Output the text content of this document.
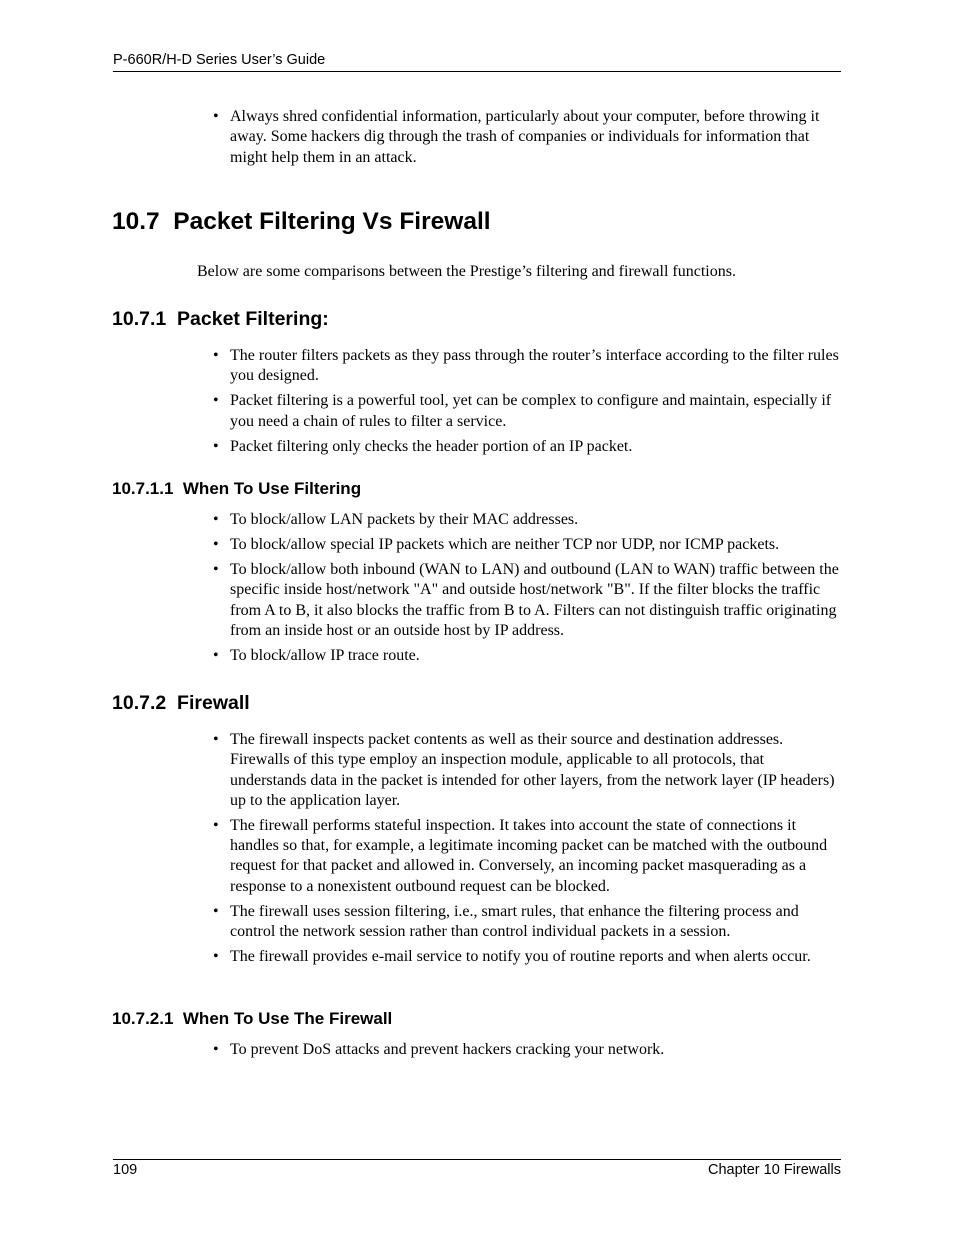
P-660R/H-D Series User’s Guide
• Always shred confidential information, particularly about your computer, before throwing it away. Some hackers dig through the trash of companies or individuals for information that might help them in an attack.
10.7  Packet Filtering Vs Firewall
Below are some comparisons between the Prestige’s filtering and firewall functions.
10.7.1  Packet Filtering:
• The router filters packets as they pass through the router’s interface according to the filter rules you designed.
• Packet filtering is a powerful tool, yet can be complex to configure and maintain, especially if you need a chain of rules to filter a service.
• Packet filtering only checks the header portion of an IP packet.
10.7.1.1  When To Use Filtering
• To block/allow LAN packets by their MAC addresses.
• To block/allow special IP packets which are neither TCP nor UDP, nor ICMP packets.
• To block/allow both inbound (WAN to LAN) and outbound (LAN to WAN) traffic between the specific inside host/network "A" and outside host/network "B". If the filter blocks the traffic from A to B, it also blocks the traffic from B to A. Filters can not distinguish traffic originating from an inside host or an outside host by IP address.
• To block/allow IP trace route.
10.7.2  Firewall
• The firewall inspects packet contents as well as their source and destination addresses. Firewalls of this type employ an inspection module, applicable to all protocols, that understands data in the packet is intended for other layers, from the network layer (IP headers) up to the application layer.
• The firewall performs stateful inspection. It takes into account the state of connections it handles so that, for example, a legitimate incoming packet can be matched with the outbound request for that packet and allowed in. Conversely, an incoming packet masquerading as a response to a nonexistent outbound request can be blocked.
• The firewall uses session filtering, i.e., smart rules, that enhance the filtering process and control the network session rather than control individual packets in a session.
• The firewall provides e-mail service to notify you of routine reports and when alerts occur.
10.7.2.1  When To Use The Firewall
• To prevent DoS attacks and prevent hackers cracking your network.
109	Chapter 10 Firewalls
